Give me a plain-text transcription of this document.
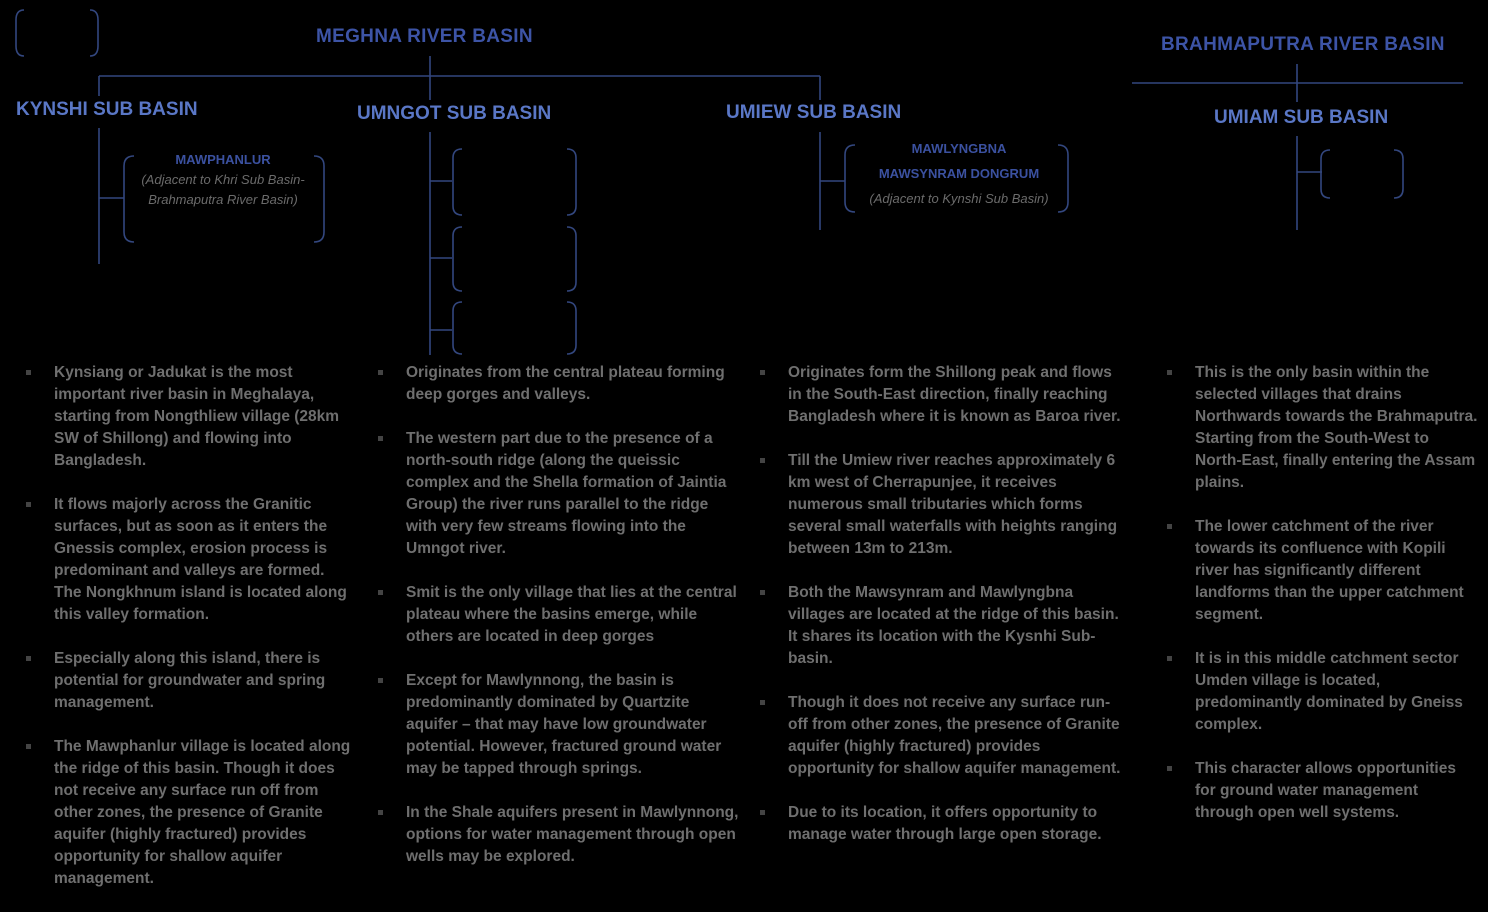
MEGHNA RIVER BASIN	BRAHMAPUTRA RIVER BASIN
KYNSHI SUB BASIN	UMNGOT SUB BASIN	UMIEW SUB BASIN	UMIAM SUB BASIN
MAWPHANLUR
(Adjacent to Khri Sub Basin- Brahmaputra River Basin)
MAWLYNGBNA
MAWSYNRAM DONGRUM
(Adjacent to Kynshi Sub Basin)
Kynsiang or Jadukat is the most important river basin in Meghalaya, starting from Nongthliew village (28km SW of Shillong) and flowing into Bangladesh.
It flows majorly across the Granitic surfaces, but as soon as it enters the Gnessis complex, erosion process is predominant and valleys are formed. The Nongkhnum island is located along this valley formation.
Especially along this island, there is potential for groundwater and spring management.
The Mawphanlur village is located along the ridge of this basin. Though it does not receive any surface run off from other zones, the presence of Granite aquifer (highly fractured) provides opportunity for shallow aquifer management.
Originates from the central plateau forming deep gorges and valleys.
The western part due to the presence of a north-south ridge (along the queissic complex and the Shella formation of Jaintia Group) the river runs parallel to the ridge with very few streams flowing into the Umngot river.
Smit is the only village that lies at the central plateau where the basins emerge, while others are located in deep gorges
Except for Mawlynnong, the basin is predominantly dominated by Quartzite aquifer – that may have low groundwater potential. However, fractured ground water may be tapped through springs.
In the Shale aquifers present in Mawlynnong, options for water management through open wells may be explored.
Originates form the Shillong peak and flows in the South-East direction, finally reaching Bangladesh where it is known as Baroa river.
Till the Umiew river reaches approximately 6 km west of Cherrapunjee, it receives numerous small tributaries which forms several small waterfalls with heights ranging between 13m to 213m.
Both the Mawsynram and Mawlyngbna villages are located at the ridge of this basin. It shares its location with the Kysnhi Sub-basin.
Though it does not receive any surface run-off from other zones, the presence of Granite aquifer (highly fractured) provides opportunity for shallow aquifer management.
Due to its location, it offers opportunity to manage water through large open storage.
This is the only basin within the selected villages that drains Northwards towards the Brahmaputra. Starting from the South-West to North-East, finally entering the Assam plains.
The lower catchment of the river towards its confluence with Kopili river has significantly different landforms than the upper catchment segment.
It is in this middle catchment sector Umden village is located, predominantly dominated by Gneiss complex.
This character allows opportunities for ground water management through open well systems.
